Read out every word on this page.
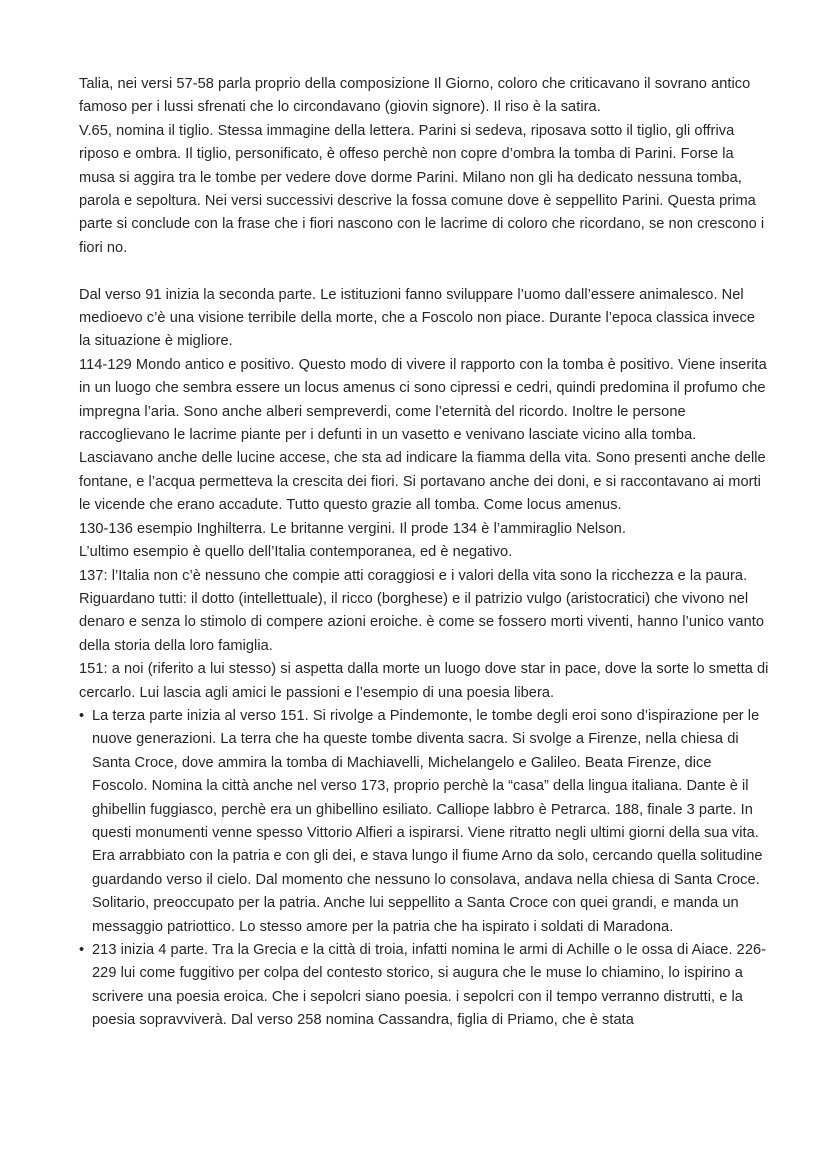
Talia, nei versi 57-58 parla proprio della composizione Il Giorno, coloro che criticavano il sovrano antico famoso per i lussi sfrenati che lo circondavano (giovin signore). Il riso è la satira.

V.65, nomina il tiglio. Stessa immagine della lettera. Parini si sedeva, riposava sotto il tiglio, gli offriva riposo e ombra. Il tiglio, personificato, è offeso perchè non copre d’ombra la tomba di Parini. Forse la musa si aggira tra le tombe per vedere dove dorme Parini. Milano non gli ha dedicato nessuna tomba, parola e sepoltura. Nei versi successivi descrive la fossa comune dove è seppellito Parini. Questa prima parte si conclude con la frase che i fiori nascono con le lacrime di coloro che ricordano, se non crescono i fiori no.

Dal verso 91 inizia la seconda parte. Le istituzioni fanno sviluppare l’uomo dall’essere animalesco. Nel medioevo c’è una visione terribile della morte, che a Foscolo non piace. Durante l’epoca classica invece la situazione è migliore.

114-129 Mondo antico e positivo. Questo modo di vivere il rapporto con la tomba è positivo. Viene inserita in un luogo che sembra essere un locus amenus ci sono cipressi e cedri, quindi predomina il profumo che impregna l’aria. Sono anche alberi sempreverdi, come l’eternità del ricordo. Inoltre le persone raccoglievano le lacrime piante per i defunti in un vasetto e venivano lasciate vicino alla tomba. Lasciavano anche delle lucine accese, che sta ad indicare la fiamma della vita. Sono presenti anche delle fontane, e l’acqua permetteva la crescita dei fiori. Si portavano anche dei doni, e si raccontavano ai morti le vicende che erano accadute. Tutto questo grazie all tomba. Come locus amenus.

130-136 esempio Inghilterra. Le britanne vergini. Il prode 134 è l’ammiraglio Nelson.

L’ultimo esempio è quello dell’Italia contemporanea, ed è negativo.

137: l’Italia non c’è nessuno che compie atti coraggiosi e i valori della vita sono la ricchezza e la paura. Riguardano tutti: il dotto (intellettuale), il ricco (borghese) e il patrizio vulgo (aristocratici) che vivono nel denaro e senza lo stimolo di compere azioni eroiche. è come se fossero morti viventi, hanno l’unico vanto della storia della loro famiglia.

151: a noi (riferito a lui stesso) si aspetta dalla morte un luogo dove star in pace, dove la sorte lo smetta di cercarlo. Lui lascia agli amici le passioni e l’esempio di una poesia libera.

• La terza parte inizia al verso 151. Si rivolge a Pindemonte, le tombe degli eroi sono d’ispirazione per le nuove generazioni. La terra che ha queste tombe diventa sacra. Si svolge a Firenze, nella chiesa di Santa Croce, dove ammira la tomba di Machiavelli, Michelangelo e Galileo. Beata Firenze, dice Foscolo. Nomina la città anche nel verso 173, proprio perchè la “casa” della lingua italiana. Dante è il ghibellin fuggiasco, perchè era un ghibellino esiliato. Calliope labbro è Petrarca. 188, finale 3 parte. In questi monumenti venne spesso Vittorio Alfieri a ispirarsi. Viene ritratto negli ultimi giorni della sua vita. Era arrabbiato con la patria e con gli dei, e stava lungo il fiume Arno da solo, cercando quella solitudine guardando verso il cielo. Dal momento che nessuno lo consolava, andava nella chiesa di Santa Croce. Solitario, preoccupato per la patria. Anche lui seppellito a Santa Croce con quei grandi, e manda un messaggio patriottico. Lo stesso amore per la patria che ha ispirato i soldati di Maradona.

• 213 inizia 4 parte. Tra la Grecia e la città di troia, infatti nomina le armi di Achille o le ossa di Aiace. 226-229 lui come fuggitivo per colpa del contesto storico, si augura che le muse lo chiamino, lo ispirino a scrivere una poesia eroica. Che i sepolcri siano poesia. i sepolcri con il tempo verranno distrutti, e la poesia sopravviverà. Dal verso 258 nomina Cassandra, figlia di Priamo, che è stata
